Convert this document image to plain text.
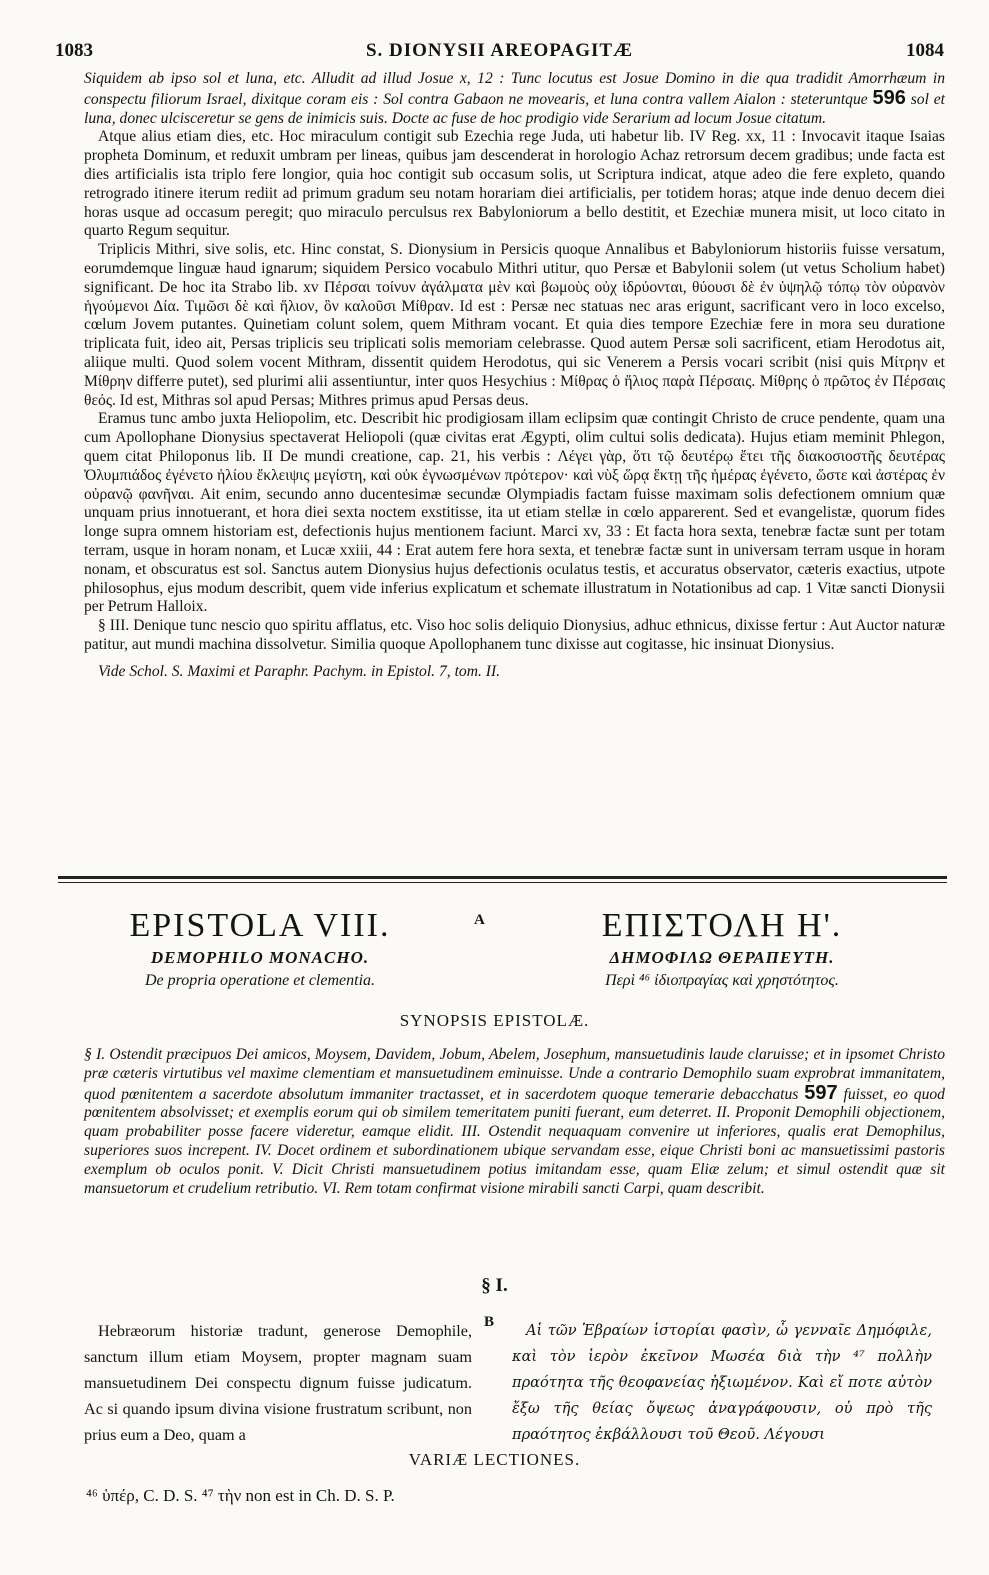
1083	S. DIONYSII AREOPAGITÆ	1084

Siquidem ab ipso sol et luna, etc. Alludit ad illud Josue x, 12 : Tunc locutus est Josue Domino in die qua tradidit Amorrhæum in conspectu filiorum Israel, dixitque coram eis : Sol contra Gabaon ne movearis, et luna contra vallem Aialon : steteruntque 596 sol et luna, donec ulcisceretur se gens de inimicis suis. Docte ac fuse de hoc prodigio vide Serarium ad locum Josue citatum.

Atque alius etiam dies, etc. Hoc miraculum contigit sub Ezechia rege Juda, uti habetur lib. IV Reg. xx, 11 : Invocavit itaque Isaias propheta Dominum, et reduxit umbram per lineas, quibus jam descenderat in horologio Achaz retrorsum decem gradibus; unde facta est dies artificialis ista triplo fere longior, quia hoc contigit sub occasum solis, ut Scriptura indicat, atque adeo die fere expleto, quando retrogrado itinere iterum rediit ad primum gradum seu notam horariam diei artificialis, per totidem horas; atque inde denuo decem diei horas usque ad occasum peregit; quo miraculo perculsus rex Babyloniorum a bello destitit, et Ezechiæ munera misit, ut loco citato in quarto Regum sequitur.

Triplicis Mithri, sive solis, etc. Hinc constat, S. Dionysium in Persicis quoque Annalibus et Babyloniorum historiis fuisse versatum, eorumdemque linguæ haud ignarum; siquidem Persico vocabulo Mithri utitur, quo Persæ et Babylonii solem (ut vetus Scholium habet) significant. De hoc ita Strabo lib. xv Πέρσαι τοίνυν ἀγάλματα μὲν καὶ βωμοὺς οὐχ ἱδρύονται, θύουσι δὲ ἐν ὑψηλῷ τόπῳ τὸν οὐρανὸν ἡγούμενοι Δία. Τιμῶσι δὲ καὶ ἥλιον, ὃν καλοῦσι Μίθραν. Id est : Persæ nec statuas nec aras erigunt, sacrificant vero in loco excelso, cœlum Jovem putantes. Quinetiam colunt solem, quem Mithram vocant. Et quia dies tempore Ezechiæ fere in mora seu duratione triplicata fuit, ideo ait, Persas triplicis seu triplicati solis memoriam celebrasse. Quod autem Persæ soli sacrificent, etiam Herodotus ait, aliique multi. Quod solem vocent Mithram, dissentit quidem Herodotus, qui sic Venerem a Persis vocari scribit (nisi quis Μίτρην et Μίθρην differre putet), sed plurimi alii assentiuntur, inter quos Hesychius : Μίθρας ὁ ἥλιος παρὰ Πέρσαις. Μίθρης ὁ πρῶτος ἐν Πέρσαις θεός. Id est, Mithras sol apud Persas; Mithres primus apud Persas deus.

Eramus tunc ambo juxta Heliopolim, etc. Describit hic prodigiosam illam eclipsim quæ contingit Christo de cruce pendente, quam una cum Apollophane Dionysius spectaverat Heliopoli (quæ civitas erat Ægypti, olim cultui solis dedicata). Hujus etiam meminit Phlegon, quem citat Philoponus lib. II De mundi creatione, cap. 21, his verbis : Λέγει γὰρ, ὅτι τῷ δευτέρῳ ἔτει τῆς διακοσιοστῆς δευτέρας Ὀλυμπιάδος ἐγένετο ἡλίου ἔκλειψις μεγίστη, καὶ οὐκ ἐγνωσμένων πρότερον· καὶ νὺξ ὥρᾳ ἕκτῃ τῆς ἡμέρας ἐγένετο, ὥστε καὶ ἀστέρας ἐν οὐρανῷ φανῆναι. Ait enim, secundo anno ducentesimæ secundæ Olympiadis factam fuisse maximam solis defectionem omnium quæ unquam prius innotuerant, et hora diei sexta noctem exstitisse, ita ut etiam stellæ in cœlo apparerent. Sed et evangelistæ, quorum fides longe supra omnem historiam est, defectionis hujus mentionem faciunt. Marci xv, 33 : Et facta hora sexta, tenebræ factæ sunt per totam terram, usque in horam nonam, et Lucæ xxiii, 44 : Erat autem fere hora sexta, et tenebræ factæ sunt in universam terram usque in horam nonam, et obscuratus est sol. Sanctus autem Dionysius hujus defectionis oculatus testis, et accuratus observator, cæteris exactius, utpote philosophus, ejus modum describit, quem vide inferius explicatum et schemate illustratum in Notationibus ad cap. 1 Vitæ sancti Dionysii per Petrum Halloix.

§ III. Denique tunc nescio quo spiritu afflatus, etc. Viso hoc solis deliquio Dionysius, adhuc ethnicus, dixisse fertur : Aut Auctor naturæ patitur, aut mundi machina dissolvetur. Similia quoque Apollophanem tunc dixisse aut cogitasse, hic insinuat Dionysius.

Vide Schol. S. Maximi et Paraphr. Pachym. in Epistol. 7, tom. II.

EPISTOLA VIII.

DEMOPHILO MONACHO.

De propria operatione et clementia.

A	ΕΠΙΣΤΟΛΗ Η'.

ΔΗΜΟΦΙΛΩ ΘΕΡΑΠΕΥΤΗ.

Περὶ ⁴⁶ ἰδιοπραγίας καὶ χρηστότητος.

SYNOPSIS EPISTOLÆ.

§ I. Ostendit præcipuos Dei amicos, Moysem, Davidem, Jobum, Abelem, Josephum, mansuetudinis laude claruisse; et in ipsomet Christo præ cæteris virtutibus vel maxime clementiam et mansuetudinem eminuisse. Unde a contrario Demophilo suam exprobrat immanitatem, quod pœnitentem a sacerdote absolutum immaniter tractasset, et in sacerdotem quoque temerarie debacchatus 597 fuisset, eo quod pœnitentem absolvisset; et exemplis eorum qui ob similem temeritatem puniti fuerant, eum deterret. II. Proponit Demophili objectionem, quam probabiliter posse facere videretur, eamque elidit. III. Ostendit nequaquam convenire ut inferiores, qualis erat Demophilus, superiores suos increpent. IV. Docet ordinem et subordinationem ubique servandam esse, eique Christi boni ac mansuetissimi pastoris exemplum ob oculos ponit. V. Dicit Christi mansuetudinem potius imitandam esse, quam Eliæ zelum; et simul ostendit quæ sit mansuetorum et crudelium retributio. VI. Rem totam confirmat visione mirabili sancti Carpi, quam describit.

§ I.

Hebræorum historiæ tradunt, generose Demophile, sanctum illum etiam Moysem, propter magnam suam mansuetudinem Dei conspectu dignum fuisse judicatum. Ac si quando ipsum divina visione frustratum scribunt, non prius eum a Deo, quam a

B	Αἱ τῶν Ἑβραίων ἱστορίαι φασὶν, ὦ γενναῖε Δημόφιλε, καὶ τὸν ἱερὸν ἐκεῖνον Μωσέα διὰ τὴν ⁴⁷ πολλὴν πραότητα τῆς θεοφανείας ἠξιωμένον. Καὶ εἴ ποτε αὐτὸν ἔξω τῆς θείας ὄψεως ἀναγράφουσιν, οὐ πρὸ τῆς πραότητος ἐκβάλλουσι τοῦ Θεοῦ. Λέγουσι

VARIÆ LECTIONES.
⁴⁶ ὑπέρ, C. D. S. ⁴⁷ τὴν non est in Ch. D. S. P.
